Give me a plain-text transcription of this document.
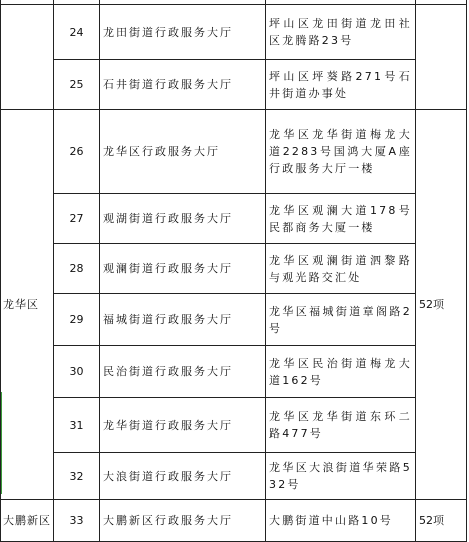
	24	龙田街道行政服务大厅	坪山区龙田街道龙田社区龙腾路23号	
	25	石井街道行政服务大厅	坪山区坪葵路271号石井街道办事处	
龙华区	26	龙华区行政服务大厅	龙华区龙华街道梅龙大道2283号国鸿大厦A座行政服务大厅一楼	52项
	27	观湖街道行政服务大厅	龙华区观澜大道178号民都商务大厦一楼	
	28	观澜街道行政服务大厅	龙华区观澜街道泗黎路与观光路交汇处	
	29	福城街道行政服务大厅	龙华区福城街道章阁路2号	
	30	民治街道行政服务大厅	龙华区民治街道梅龙大道162号	
	31	龙华街道行政服务大厅	龙华区龙华街道东环二路477号	
	32	大浪街道行政服务大厅	龙华区大浪街道华荣路532号	
大鹏新区	33	大鹏新区行政服务大厅	大鹏街道中山路10号	52项
